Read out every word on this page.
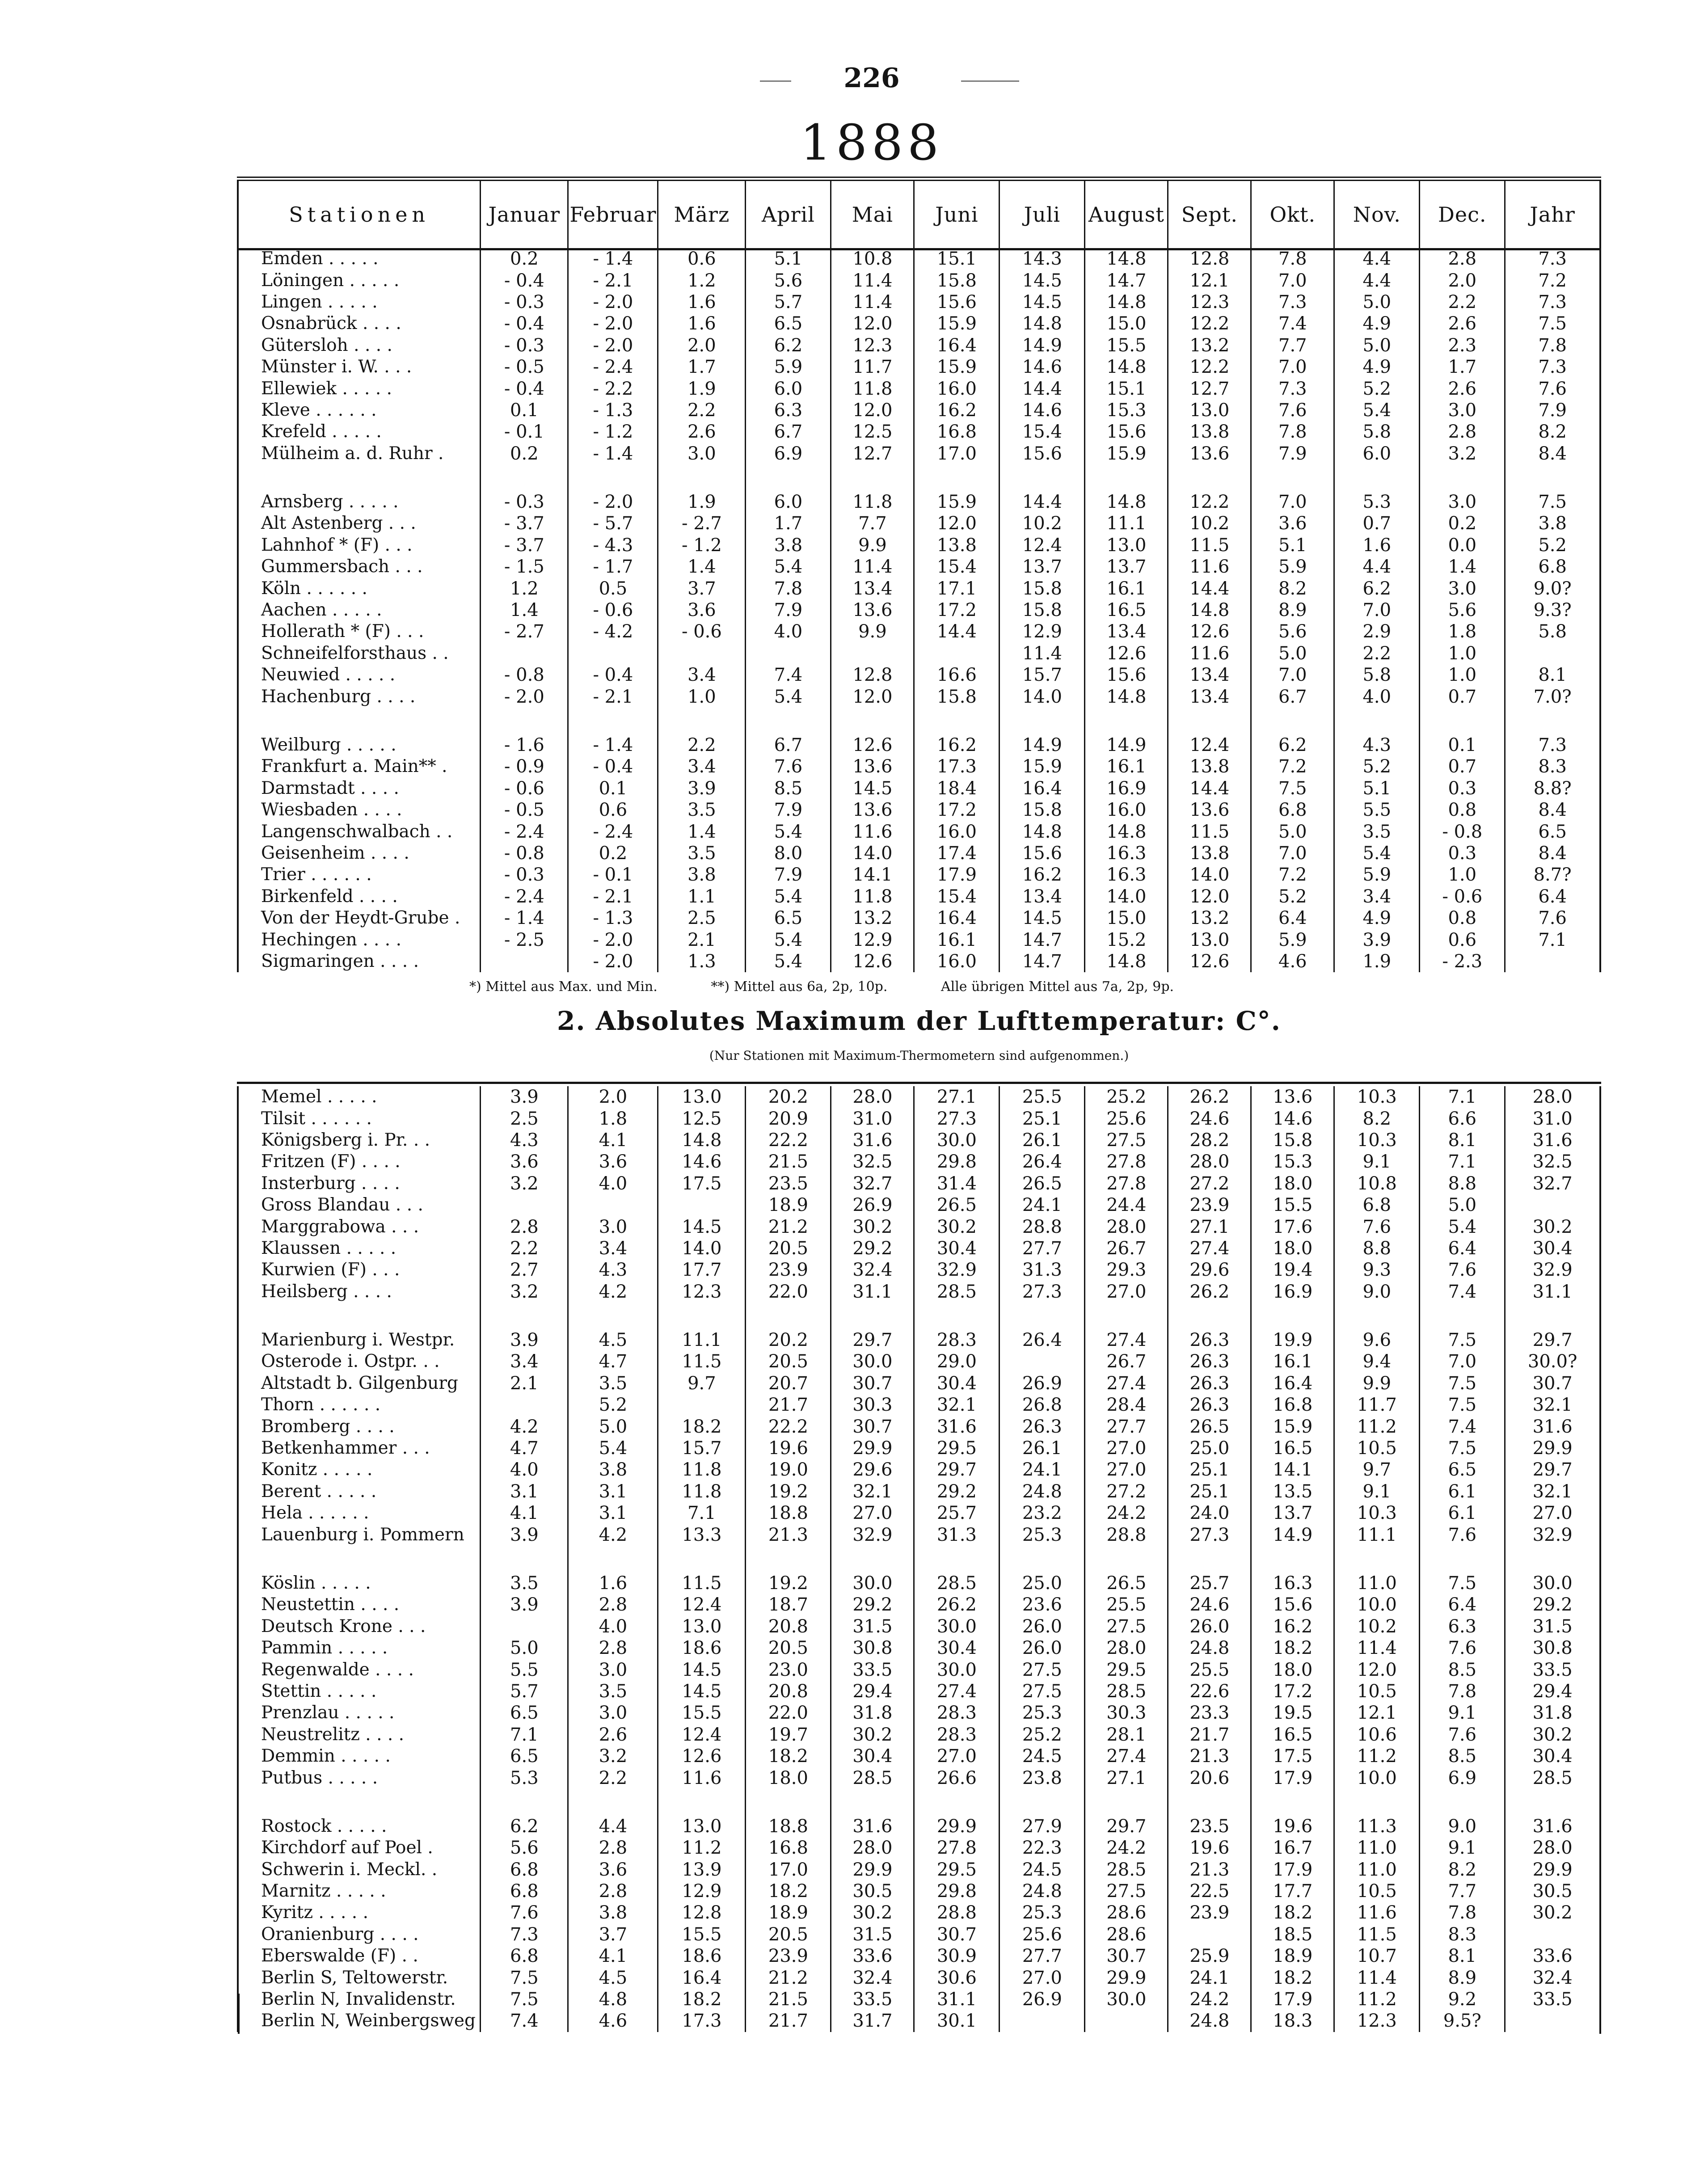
226
1888
Stationen	Januar	Februar	März	April	Mai	Juni	Juli	August	Sept.	Okt.	Nov.	Dec.	Jahr
Emden . . . . .	0.2	- 1.4	0.6	5.1	10.8	15.1	14.3	14.8	12.8	7.8	4.4	2.8	7.3
Löningen . . . . .	- 0.4	- 2.1	1.2	5.6	11.4	15.8	14.5	14.7	12.1	7.0	4.4	2.0	7.2
Lingen . . . . .	- 0.3	- 2.0	1.6	5.7	11.4	15.6	14.5	14.8	12.3	7.3	5.0	2.2	7.3
Osnabrück . . . .	- 0.4	- 2.0	1.6	6.5	12.0	15.9	14.8	15.0	12.2	7.4	4.9	2.6	7.5
Gütersloh . . . .	- 0.3	- 2.0	2.0	6.2	12.3	16.4	14.9	15.5	13.2	7.7	5.0	2.3	7.8
Münster i. W. . . .	- 0.5	- 2.4	1.7	5.9	11.7	15.9	14.6	14.8	12.2	7.0	4.9	1.7	7.3
Ellewiek . . . . .	- 0.4	- 2.2	1.9	6.0	11.8	16.0	14.4	15.1	12.7	7.3	5.2	2.6	7.6
Kleve . . . . . .	0.1	- 1.3	2.2	6.3	12.0	16.2	14.6	15.3	13.0	7.6	5.4	3.0	7.9
Krefeld . . . . .	- 0.1	- 1.2	2.6	6.7	12.5	16.8	15.4	15.6	13.8	7.8	5.8	2.8	8.2
Mülheim a. d. Ruhr .	0.2	- 1.4	3.0	6.9	12.7	17.0	15.6	15.9	13.6	7.9	6.0	3.2	8.4

Arnsberg . . . . .	- 0.3	- 2.0	1.9	6.0	11.8	15.9	14.4	14.8	12.2	7.0	5.3	3.0	7.5
Alt Astenberg . . .	- 3.7	- 5.7	- 2.7	1.7	7.7	12.0	10.2	11.1	10.2	3.6	0.7	0.2	3.8
Lahnhof * (F) . . .	- 3.7	- 4.3	- 1.2	3.8	9.9	13.8	12.4	13.0	11.5	5.1	1.6	0.0	5.2
Gummersbach . . .	- 1.5	- 1.7	1.4	5.4	11.4	15.4	13.7	13.7	11.6	5.9	4.4	1.4	6.8
Köln . . . . . .	1.2	0.5	3.7	7.8	13.4	17.1	15.8	16.1	14.4	8.2	6.2	3.0	9.0?
Aachen . . . . .	1.4	- 0.6	3.6	7.9	13.6	17.2	15.8	16.5	14.8	8.9	7.0	5.6	9.3?
Hollerath * (F) . . .	- 2.7	- 4.2	- 0.6	4.0	9.9	14.4	12.9	13.4	12.6	5.6	2.9	1.8	5.8
Schneifelforsthaus . .							11.4	12.6	11.6	5.0	2.2	1.0	
Neuwied . . . . .	- 0.8	- 0.4	3.4	7.4	12.8	16.6	15.7	15.6	13.4	7.0	5.8	1.0	8.1
Hachenburg . . . .	- 2.0	- 2.1	1.0	5.4	12.0	15.8	14.0	14.8	13.4	6.7	4.0	0.7	7.0?

Weilburg . . . . .	- 1.6	- 1.4	2.2	6.7	12.6	16.2	14.9	14.9	12.4	6.2	4.3	0.1	7.3
Frankfurt a. Main** .	- 0.9	- 0.4	3.4	7.6	13.6	17.3	15.9	16.1	13.8	7.2	5.2	0.7	8.3
Darmstadt . . . .	- 0.6	0.1	3.9	8.5	14.5	18.4	16.4	16.9	14.4	7.5	5.1	0.3	8.8?
Wiesbaden . . . .	- 0.5	0.6	3.5	7.9	13.6	17.2	15.8	16.0	13.6	6.8	5.5	0.8	8.4
Langenschwalbach . .	- 2.4	- 2.4	1.4	5.4	11.6	16.0	14.8	14.8	11.5	5.0	3.5	- 0.8	6.5
Geisenheim . . . .	- 0.8	0.2	3.5	8.0	14.0	17.4	15.6	16.3	13.8	7.0	5.4	0.3	8.4
Trier . . . . . .	- 0.3	- 0.1	3.8	7.9	14.1	17.9	16.2	16.3	14.0	7.2	5.9	1.0	8.7?
Birkenfeld . . . .	- 2.4	- 2.1	1.1	5.4	11.8	15.4	13.4	14.0	12.0	5.2	3.4	- 0.6	6.4
Von der Heydt-Grube .	- 1.4	- 1.3	2.5	6.5	13.2	16.4	14.5	15.0	13.2	6.4	4.9	0.8	7.6
Hechingen . . . .	- 2.5	- 2.0	2.1	5.4	12.9	16.1	14.7	15.2	13.0	5.9	3.9	0.6	7.1
Sigmaringen . . . .		- 2.0	1.3	5.4	12.6	16.0	14.7	14.8	12.6	4.6	1.9	- 2.3	
Memel . . . . .	3.9	2.0	13.0	20.2	28.0	27.1	25.5	25.2	26.2	13.6	10.3	7.1	28.0
Tilsit . . . . . .	2.5	1.8	12.5	20.9	31.0	27.3	25.1	25.6	24.6	14.6	8.2	6.6	31.0
Königsberg i. Pr. . .	4.3	4.1	14.8	22.2	31.6	30.0	26.1	27.5	28.2	15.8	10.3	8.1	31.6
Fritzen (F) . . . .	3.6	3.6	14.6	21.5	32.5	29.8	26.4	27.8	28.0	15.3	9.1	7.1	32.5
Insterburg . . . .	3.2	4.0	17.5	23.5	32.7	31.4	26.5	27.8	27.2	18.0	10.8	8.8	32.7
Gross Blandau . . .				18.9	26.9	26.5	24.1	24.4	23.9	15.5	6.8	5.0	
Marggrabowa . . .	2.8	3.0	14.5	21.2	30.2	30.2	28.8	28.0	27.1	17.6	7.6	5.4	30.2
Klaussen . . . . .	2.2	3.4	14.0	20.5	29.2	30.4	27.7	26.7	27.4	18.0	8.8	6.4	30.4
Kurwien (F) . . .	2.7	4.3	17.7	23.9	32.4	32.9	31.3	29.3	29.6	19.4	9.3	7.6	32.9
Heilsberg . . . .	3.2	4.2	12.3	22.0	31.1	28.5	27.3	27.0	26.2	16.9	9.0	7.4	31.1

Marienburg i. Westpr.	3.9	4.5	11.1	20.2	29.7	28.3	26.4	27.4	26.3	19.9	9.6	7.5	29.7
Osterode i. Ostpr. . .	3.4	4.7	11.5	20.5	30.0	29.0		26.7	26.3	16.1	9.4	7.0	30.0?
Altstadt b. Gilgenburg	2.1	3.5	9.7	20.7	30.7	30.4	26.9	27.4	26.3	16.4	9.9	7.5	30.7
Thorn . . . . . .		5.2		21.7	30.3	32.1	26.8	28.4	26.3	16.8	11.7	7.5	32.1
Bromberg . . . .	4.2	5.0	18.2	22.2	30.7	31.6	26.3	27.7	26.5	15.9	11.2	7.4	31.6
Betkenhammer . . .	4.7	5.4	15.7	19.6	29.9	29.5	26.1	27.0	25.0	16.5	10.5	7.5	29.9
Konitz . . . . .	4.0	3.8	11.8	19.0	29.6	29.7	24.1	27.0	25.1	14.1	9.7	6.5	29.7
Berent . . . . .	3.1	3.1	11.8	19.2	32.1	29.2	24.8	27.2	25.1	13.5	9.1	6.1	32.1
Hela . . . . . .	4.1	3.1	7.1	18.8	27.0	25.7	23.2	24.2	24.0	13.7	10.3	6.1	27.0
Lauenburg i. Pommern	3.9	4.2	13.3	21.3	32.9	31.3	25.3	28.8	27.3	14.9	11.1	7.6	32.9

Köslin . . . . .	3.5	1.6	11.5	19.2	30.0	28.5	25.0	26.5	25.7	16.3	11.0	7.5	30.0
Neustettin . . . .	3.9	2.8	12.4	18.7	29.2	26.2	23.6	25.5	24.6	15.6	10.0	6.4	29.2
Deutsch Krone . . .		4.0	13.0	20.8	31.5	30.0	26.0	27.5	26.0	16.2	10.2	6.3	31.5
Pammin . . . . .	5.0	2.8	18.6	20.5	30.8	30.4	26.0	28.0	24.8	18.2	11.4	7.6	30.8
Regenwalde . . . .	5.5	3.0	14.5	23.0	33.5	30.0	27.5	29.5	25.5	18.0	12.0	8.5	33.5
Stettin . . . . .	5.7	3.5	14.5	20.8	29.4	27.4	27.5	28.5	22.6	17.2	10.5	7.8	29.4
Prenzlau . . . . .	6.5	3.0	15.5	22.0	31.8	28.3	25.3	30.3	23.3	19.5	12.1	9.1	31.8
Neustrelitz . . . .	7.1	2.6	12.4	19.7	30.2	28.3	25.2	28.1	21.7	16.5	10.6	7.6	30.2
Demmin . . . . .	6.5	3.2	12.6	18.2	30.4	27.0	24.5	27.4	21.3	17.5	11.2	8.5	30.4
Putbus . . . . .	5.3	2.2	11.6	18.0	28.5	26.6	23.8	27.1	20.6	17.9	10.0	6.9	28.5

Rostock . . . . .	6.2	4.4	13.0	18.8	31.6	29.9	27.9	29.7	23.5	19.6	11.3	9.0	31.6
Kirchdorf auf Poel .	5.6	2.8	11.2	16.8	28.0	27.8	22.3	24.2	19.6	16.7	11.0	9.1	28.0
Schwerin i. Meckl. .	6.8	3.6	13.9	17.0	29.9	29.5	24.5	28.5	21.3	17.9	11.0	8.2	29.9
Marnitz . . . . .	6.8	2.8	12.9	18.2	30.5	29.8	24.8	27.5	22.5	17.7	10.5	7.7	30.5
Kyritz . . . . .	7.6	3.8	12.8	18.9	30.2	28.8	25.3	28.6	23.9	18.2	11.6	7.8	30.2
Oranienburg . . . .	7.3	3.7	15.5	20.5	31.5	30.7	25.6	28.6		18.5	11.5	8.3	
Eberswalde (F) . .	6.8	4.1	18.6	23.9	33.6	30.9	27.7	30.7	25.9	18.9	10.7	8.1	33.6
Berlin S, Teltowerstr.	7.5	4.5	16.4	21.2	32.4	30.6	27.0	29.9	24.1	18.2	11.4	8.9	32.4
Berlin N, Invalidenstr.	7.5	4.8	18.2	21.5	33.5	31.1	26.9	30.0	24.2	17.9	11.2	9.2	33.5
Berlin N, Weinbergsweg	7.4	4.6	17.3	21.7	31.7	30.1			24.8	18.3	12.3	9.5?	
*) Mittel aus Max. und Min.	**) Mittel aus 6a, 2p, 10p.	Alle übrigen Mittel aus 7a, 2p, 9p.
2. Absolutes Maximum der Lufttemperatur: C°.
(Nur Stationen mit Maximum-Thermometern sind aufgenommen.)
